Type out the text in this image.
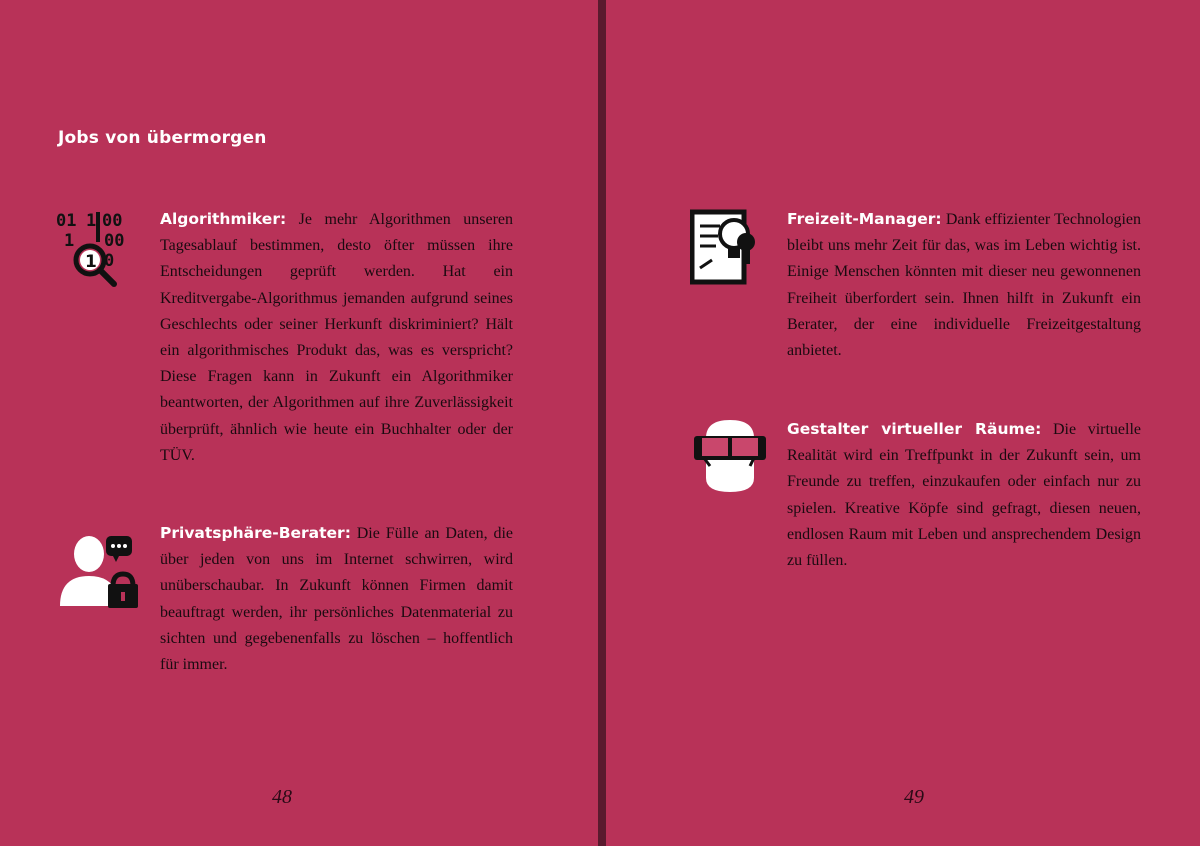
Jobs von übermorgen
01 1 00
1 00
0
1

Algorithmiker: Je mehr Algorithmen unseren Tagesablauf bestimmen, desto öfter müssen ihre Entscheidungen geprüft werden. Hat ein Kreditvergabe-Algorithmus jemanden aufgrund seines Geschlechts oder seiner Herkunft diskriminiert? Hält ein algorithmisches Produkt das, was es verspricht? Diese Fragen kann in Zukunft ein Algorithmiker beantworten, der Algorithmen auf ihre Zuverlässigkeit überprüft, ähnlich wie heute ein Buchhalter oder der TÜV.

Privatsphäre-Berater: Die Fülle an Daten, die über jeden von uns im Internet schwirren, wird unüberschaubar. In Zukunft können Firmen damit beauftragt werden, ihr persönliches Datenmaterial zu sichten und gegebenenfalls zu löschen – hoffentlich für immer.

48

Freizeit-Manager: Dank effizienter Technologien bleibt uns mehr Zeit für das, was im Leben wichtig ist. Einige Menschen könnten mit dieser neu gewonnenen Freiheit überfordert sein. Ihnen hilft in Zukunft ein Berater, der eine individuelle Freizeitgestaltung anbietet.

Gestalter virtueller Räume: Die virtuelle Realität wird ein Treffpunkt in der Zukunft sein, um Freunde zu treffen, einzukaufen oder einfach nur zu spielen. Kreative Köpfe sind gefragt, diesen neuen, endlosen Raum mit Leben und ansprechendem Design zu füllen.

49
